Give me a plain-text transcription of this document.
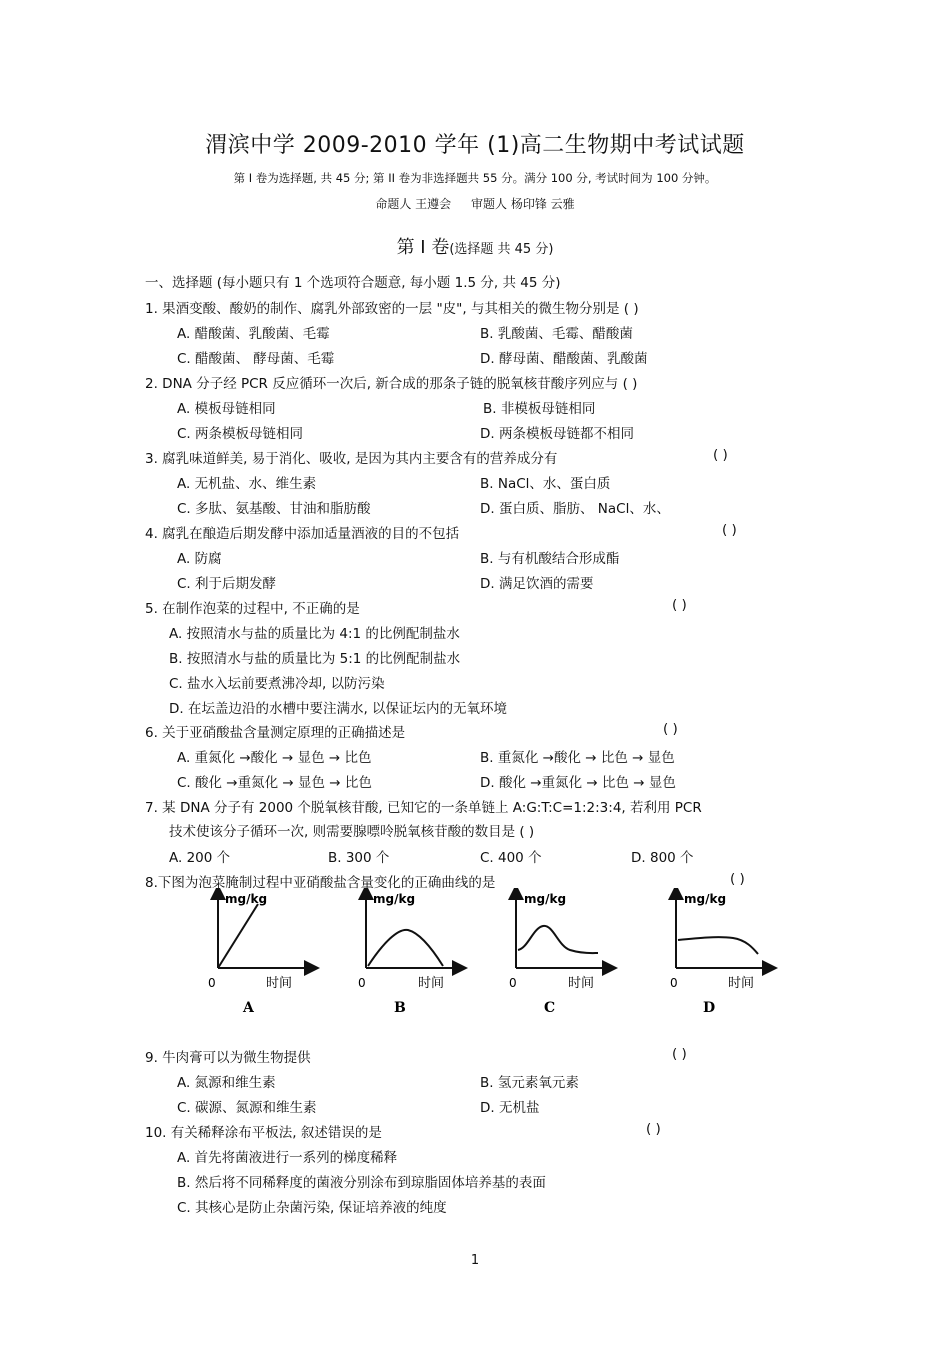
渭滨中学 2009-2010 学年 (1)高二生物期中考试试题
第 I 卷为选择题, 共 45 分; 第 II 卷为非选择题共 55 分。满分 100 分, 考试时间为 100 分钟。
命题人 王遵会 审题人 杨印锋 云雅
第 I 卷(选择题 共 45 分)
一、选择题 (每小题只有 1 个选项符合题意, 每小题 1.5 分, 共 45 分)
1. 果酒变酸、酸奶的制作、腐乳外部致密的一层 "皮", 与其相关的微生物分别是 ( )
A. 醋酸菌、乳酸菌、毛霉	B. 乳酸菌、毛霉、醋酸菌
C. 醋酸菌、 酵母菌、毛霉	D. 酵母菌、醋酸菌、乳酸菌
2. DNA 分子经 PCR 反应循环一次后, 新合成的那条子链的脱氧核苷酸序列应与 ( )
A. 模板母链相同	B. 非模板母链相同
C. 两条模板母链相同	D. 两条模板母链都不相同
3. 腐乳味道鲜美, 易于消化、吸收, 是因为其内主要含有的营养成分有	( )
A. 无机盐、水、维生素	B. NaCl、水、蛋白质
C. 多肽、氨基酸、甘油和脂肪酸	D. 蛋白质、脂肪、 NaCl、水、
4. 腐乳在酿造后期发酵中添加适量酒液的目的不包括	( )
A. 防腐	B. 与有机酸结合形成酯
C. 利于后期发酵	D. 满足饮酒的需要
5. 在制作泡菜的过程中, 不正确的是	( )
A. 按照清水与盐的质量比为 4:1 的比例配制盐水
B. 按照清水与盐的质量比为 5:1 的比例配制盐水
C. 盐水入坛前要煮沸冷却, 以防污染
D. 在坛盖边沿的水槽中要注满水, 以保证坛内的无氧环境
6. 关于亚硝酸盐含量测定原理的正确描述是	( )
A. 重氮化 →酸化 → 显色 → 比色	B. 重氮化 →酸化 → 比色 → 显色
C. 酸化 →重氮化 → 显色 → 比色	D. 酸化 →重氮化 → 比色 → 显色
7. 某 DNA 分子有 2000 个脱氧核苷酸, 已知它的一条单链上 A:G:T:C=1:2:3:4, 若利用 PCR
技术使该分子循环一次, 则需要腺嘌呤脱氧核苷酸的数目是 ( )
A. 200 个	B. 300 个	C. 400 个	D. 800 个
8.下图为泡菜腌制过程中亚硝酸盐含量变化的正确曲线的是	( )
mg/kg
0	时间
A
mg/kg
0	时间
B
mg/kg
0	时间
C
mg/kg
0	时间
D
9. 牛肉膏可以为微生物提供	( )
A. 氮源和维生素	B. 氢元素氧元素
C. 碳源、氮源和维生素	D. 无机盐
10. 有关稀释涂布平板法, 叙述错误的是	( )
A. 首先将菌液进行一系列的梯度稀释
B. 然后将不同稀释度的菌液分别涂布到琼脂固体培养基的表面
C. 其核心是防止杂菌污染, 保证培养液的纯度
1
